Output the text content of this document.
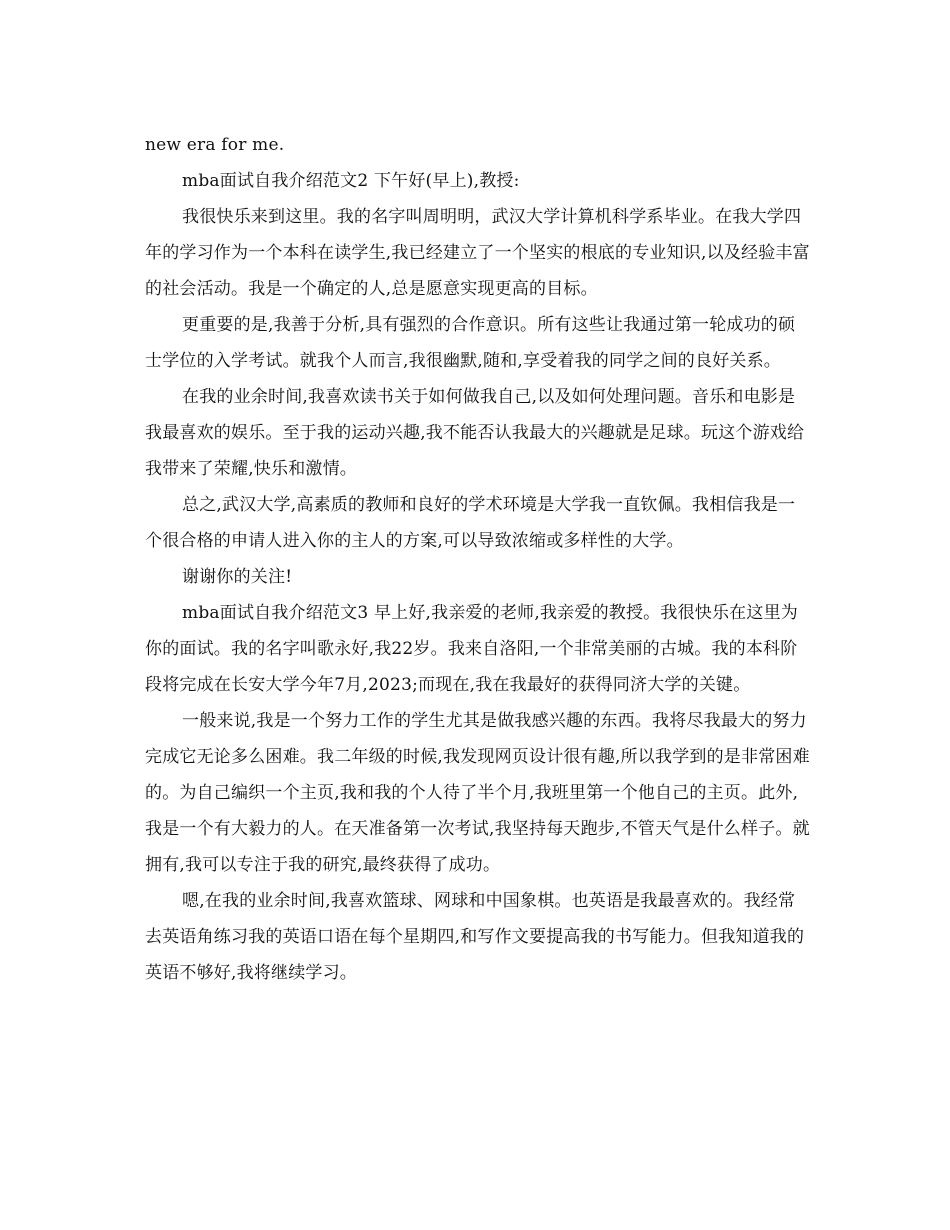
new era for me.

mba面试自我介绍范文2 下午好(早上),教授:

我很快乐来到这里。我的名字叫周明明，武汉大学计算机科学系毕业。在我大学四年的学习作为一个本科在读学生,我已经建立了一个坚实的根底的专业知识,以及经验丰富的社会活动。我是一个确定的人,总是愿意实现更高的目标。

更重要的是,我善于分析,具有强烈的合作意识。所有这些让我通过第一轮成功的硕士学位的入学考试。就我个人而言,我很幽默,随和,享受着我的同学之间的良好关系。

在我的业余时间,我喜欢读书关于如何做我自己,以及如何处理问题。音乐和电影是我最喜欢的娱乐。至于我的运动兴趣,我不能否认我最大的兴趣就是足球。玩这个游戏给我带来了荣耀,快乐和激情。

总之,武汉大学,高素质的教师和良好的学术环境是大学我一直钦佩。我相信我是一个很合格的申请人进入你的主人的方案,可以导致浓缩或多样性的大学。

谢谢你的关注!

mba面试自我介绍范文3 早上好,我亲爱的老师,我亲爱的教授。我很快乐在这里为你的面试。我的名字叫歌永好,我22岁。我来自洛阳,一个非常美丽的古城。我的本科阶段将完成在长安大学今年7月,2023;而现在,我在我最好的获得同济大学的关键。

一般来说,我是一个努力工作的学生尤其是做我感兴趣的东西。我将尽我最大的努力完成它无论多么困难。我二年级的时候,我发现网页设计很有趣,所以我学到的是非常困难的。为自己编织一个主页,我和我的个人待了半个月,我班里第一个他自己的主页。此外,我是一个有大毅力的人。在天准备第一次考试,我坚持每天跑步,不管天气是什么样子。就拥有,我可以专注于我的研究,最终获得了成功。

嗯,在我的业余时间,我喜欢篮球、网球和中国象棋。也英语是我最喜欢的。我经常去英语角练习我的英语口语在每个星期四,和写作文要提高我的书写能力。但我知道我的英语不够好,我将继续学习。
